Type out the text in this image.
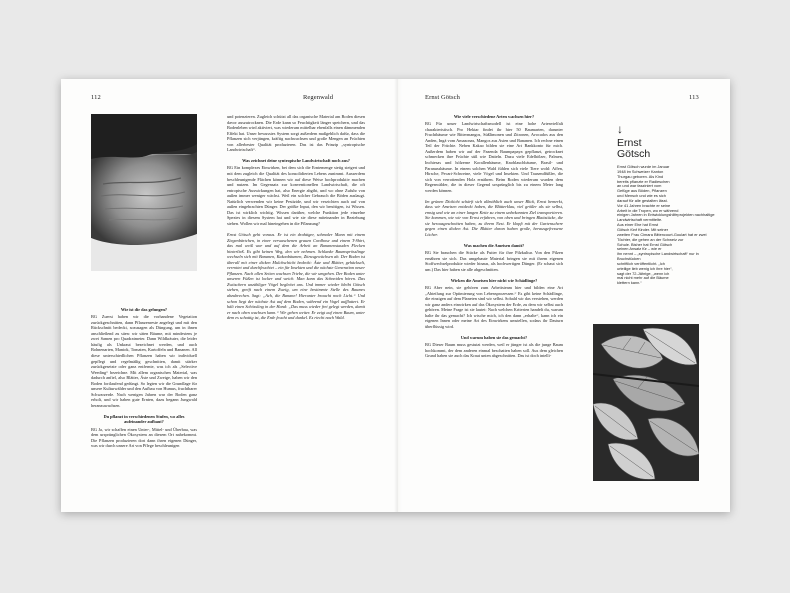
112	Regenwald

Wie ist dir das gelungen?

BG Zuerst haben wir die vorhandene Vegetation zurückgeschnitten, dann Pflanzenreste angelegt und mit den Rückschnitt bedeckt, sozusagen als Düngung, um in ihnen anschließend zu säen: wir säten Bäume, mit mindestens je zwei Samen pro Quadratmeter. Dann Wildkräuter, die leider häufig als Unkraut bezeichnet werden, und auch Bohnenarten, Maniok, Tomaten, Kartoffeln und Bananen. All diese unterschiedlichen Pflanzen haben wir individuell gepflegt und regelmäßig geschnitten, damit stärker zurückgesetzte oder ganz entfernte, was ich als „Selective Weeding“ bezeichne. Mit allem organischen Material, was dadurch anfiel, also Blätter, Äste und Zweige, haben wir den Boden fortlaufend gedüngt. So legten wir die Grundlage für unsere Kulturwälder und den Aufbau von Humus, fruchtbarer Schwarzerde. Nach wenigen Jahren war der Boden ganz erholt, und wir haben gute Ernten, dazu begann Jungwald heranzuwachsen.

Du pflanzt in verschiedenen Stufen, wo alles aufeinander aufbaut?

BG Ja, wir schaffen einen Unter-, Mittel- und Überbau, was dem ursprünglichen Ökosystem an diesem Ort nahekommt. Die Pflanzen produzieren dort dann ihren eigenen Dünger, was wir durch unsere Art von Pflege beschleunigen

und potenzieren. Zugleich schützt all das organische Material am Boden diesen davor auszutrocknen. Die Erde kann so Feuchtigkeit länger speichern, und das Bodenleben wird aktiviert, was wiederum mittelbar ebenfalls einen dämmenden Effekt hat. Unser bewusstes System sorgt außerdem maßgeblich dafür, dass die Pflanzen sich verjüngen, kräftig nachwachsen und große Mengen an Früchten von allerbester Qualität produzieren. Das ist das Prinzip „syntropische Landwirtschaft“.

Was zeichnet deine syntropische Landwirtschaft noch aus?

BG Ein komplexes Einwirken, bei dem sich die Erntemenge stetig steigert und mit dem zugleich die Qualität des konsolidierten Lebens zunimmt. Ausserdem beschleunigende Flächen können wir auf diese Weise hochproduktiv machen und nutzen. Im Gegensatz zur konventionellen Landwirtschaft, die oft entropische Auswirkungen hat, also Energie abgibt, und wo ohne Zufuhr von außen immer weniger wächst. Weil ein solcher Gebrauch die Böden auslaugt. Natürlich verwenden wir keine Pestizide, und wir verzichten auch auf von außen eingebrachten Dünger. Der größte Input, den wir benötigen, ist Wissen. Das ist wirklich wichtig. Wissen darüber, welche Funktion jede einzelne Spezies in diesem System hat und wie sie diese miteinander in Beziehung stehen. Wollen wir mal hineingehen in die Pflanzung?

Ernst Götsch geht voraus. Er ist ein drahtiger, schmaler Mann mit einem Ziegenbärtchen, in einer verwaschenen grauen Cordhose und einem T-Shirt, das mal weiß war und auf dem die Arbeit an Bananenstauden Flecken hinterließ. Es gibt keinen Weg, den wir nehmen. Schlanke Baumsprösslinge wechseln sich mit Bananen, Kakaobäumen, Zitrusgewächsen ab. Der Boden ist überall mit einer dicken Mulchschicht bedeckt: Äste und Blätter, gehäckselt, verrottet und durchfeuchtet – ein für Insekten und die nächste Generation neuer Pflanzen. Nach allen Seiten wachsen Triebe, die wir umgehen. Der Boden unter unseren Füßen ist locker und weich. Man kann das Schneiden hören. Das Zwitschern unzähliger Vögel begleitet uns. Und immer wieder bleibt Götsch stehen, greift nach einem Zweig, um eine bestimmte Stelle des Baumes abzubrechen. Sagt: „Ach, die Banane! Hierunter braucht noch Licht.“ Und schon liegt der nächste Ast auf dem Boden, während ein Vogel aufflattert. Er hält einen Schössling in der Hand: „Das muss wieder frei gelegt werden, damit er nach oben wachsen kann.“ Wir gehen weiter. Er zeigt auf einen Baum, unter dem es schattig ist, die Erde feucht und dunkel. Es riecht nach Wald.

Ernst Götsch	113

Wie viele verschiedene Arten wachsen hier?

BG Für unser Landwirtschaftsmodell ist eine hohe Artenvielfalt charakteristisch. Pro Hektar findet ihr hier 50 Baumarten, darunter Fruchtbäume wie Bittermangos, Süßlimonen und Zitronen, Avocados aus den Anden, Ingá vom Amazonas, Mangos aus Asien und Bananen. Ich rechne einen Teil der Früchte. Neben Kakao bilden sie eine Art Bankkonto für mich. Außerdem haben wir auf der Fazenda Baumpapaya gepflanzt, getrocknet schmecken ihre Früchte süß wie Datteln. Dazu viele Edelhölzer, Palmen, Inchiesas und hölzerne Korallenbäume, Knoblauchbäume, Brasil- und Paranussbäume. In einem solchen Wald fühlen sich viele Tiere wohl: Affen, Hirsche, Pecari-Schweine, viele Vögel und Insekten. Und Tausendfüßler, die sich von verrottenden Holz ernähren. Beim Roden wiederum wurden dem Regenwälder, die in dieser Gegend ursprünglich bis zu einem Meter lang werden können.

Im grünen Dickicht schärft sich allmählich auch unser Blick, Ernst bemerkt, dass wir Ameisen entdeckt haben, die Blätterklau, viel größer als sie selbst, emsig und wie an einer langen Kette zu einem unbekannten Ziel transportieren. Sie kommen, wie wir von Ernst erfahren, von oben und bringen Blattstücke, die sie herausgeschnitten haben, zu ihrem Nest. Er klopft mit der Gartenschere gegen einen dicken Ast. Die Blätter daran haben große, herausgefressene Löcher.

Was machen die Ameisen damit?

BG Sie brauchen die Stücke als Futter für ihre Pilzkultur. Von den Pilzen ernähren sie sich. Das umgebaute Material bringen sie mit ihrem eigenen Stoffwechselprodukte wieder hinaus, als hochwertigen Dünger. (Er schaut sich um.) Das hier haben sie alle abgeschnitten.

Wirken die Ameisen hier nicht wie Schädlinge?

BG Aber nein, sie gehören zum Arbeitsteam hier und bilden eine Art „Abteilung zur Optimierung von Lebensprozessen.“ Es gibt keine Schädlinge, die einzigen auf dem Planeten sind wir selbst. Sobald wir das verstehen, werden wir ganz anders einwirken auf das Ökosystem der Erde, zu dem wir selbst auch gehören. Meine Frage ist sie lautet: Nach welchen Kriterien handelt du, warum halte ihr das gemacht? Ich wische mich, ich den dann „erhalte“, kann ich ein eigenen Innen oder meine Art des Einwirkens umstellen, sodass ihr Dasturn überflüssig wird.

Und warum haben sie das gemacht?

BG Dieser Baum muss gestutzt werden, weil er jünger ist als die junge Baum hochkommt, der dem anderen einmal beschatten haben soll. Aus dem gleichen Grund haben sie auch das Kraut unten abgeschnitten. Das ist doch intelli-

↓
Ernst
Götsch
Ernst Götsch wurde im Januar
1948 im Schweizer Kanton
Thurgau geboren. Als Kind
bereits pflanzte er Radieschen
an und war fasziniert vom
Gefüge aus Böden, Pflanzen
und Mensch und wie es sich
darauf für alle gestalten lässt.
Vor 41 Jahren brachte er seine
Arbeit in die Tropen, wo er während
einigen Jahren in Entwicklungshilfeprojekten nachhaltige
Landwirtschaft vermittelte.
Aus einer Ehe hat Ernst
Götsch fünf Kinder. Mit seiner
zweiten Frau Cimara Bittencourt-Goulart hat er zwei Töchter, die gehen an der Schweiz zur
Schule. Bisher hat Ernst Götsch
seinen Ansatz für – wie er
ihn nennt – „syntropische Landwirtschaft“ nur in Bruchstücken
schriftlich veröffentlicht. „Ich
urteilige lieb wenig ich ihre hier“,
sagt der 72-Jährige, „wenn ich
mal nicht mehr auf die Bäume
klettern kann.“
